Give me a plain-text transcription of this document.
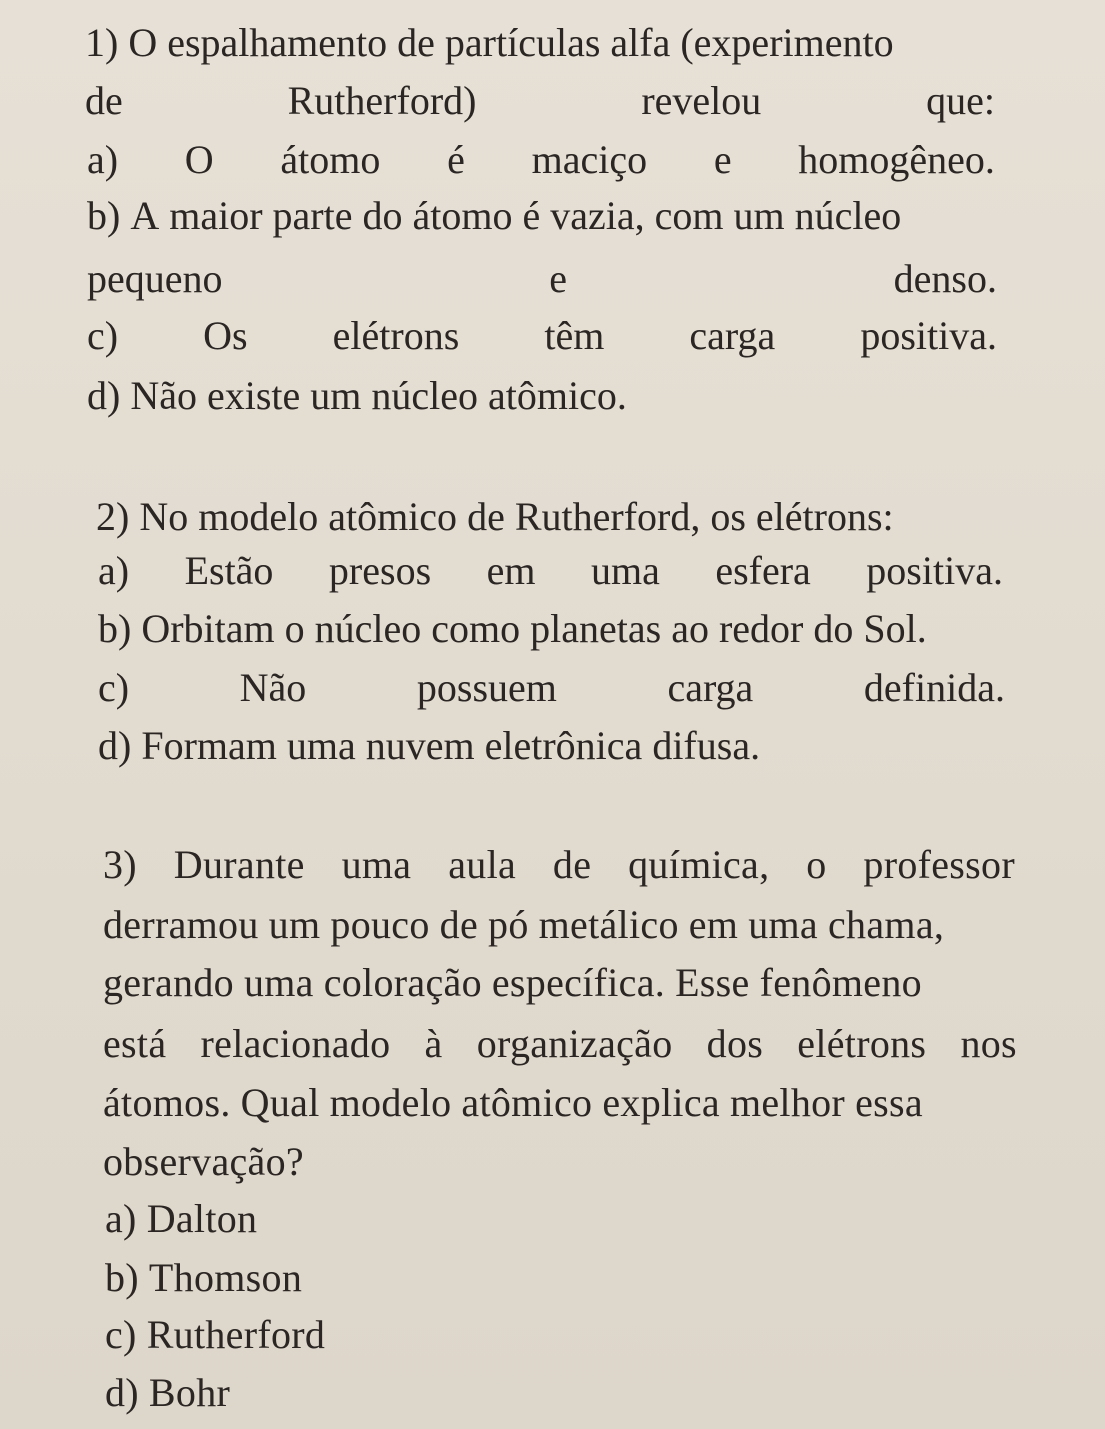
1)
O
espalhamento
de
partículas
alfa
(experimento
de	Rutherford)	revelou	que:
a) O átomo é maciço e homogêneo.
b)
A
maior
parte
do
átomo
é
vazia,
com
um
núcleo
pequeno	e	denso.
c) Os elétrons têm carga positiva.
d)
Não
existe
um
núcleo
atômico.
2)
No
modelo
atômico
de
Rutherford,
os
elétrons:
a) Estão presos em uma esfera positiva.
b)
Orbitam
o
núcleo
como
planetas
ao
redor
do
Sol.
c)	Não	possuem	carga	definida.
d)
Formam
uma
nuvem
eletrônica
difusa.
3) Durante uma aula de química, o professor
derramou
um
pouco
de
pó
metálico
em
uma
chama,
gerando
uma
coloração
específica.
Esse
fenômeno
está relacionado à organização dos elétrons nos
átomos.
Qual
modelo
atômico
explica
melhor
essa
observação?
a)
Dalton
b)
Thomson
c)
Rutherford
d)
Bohr
